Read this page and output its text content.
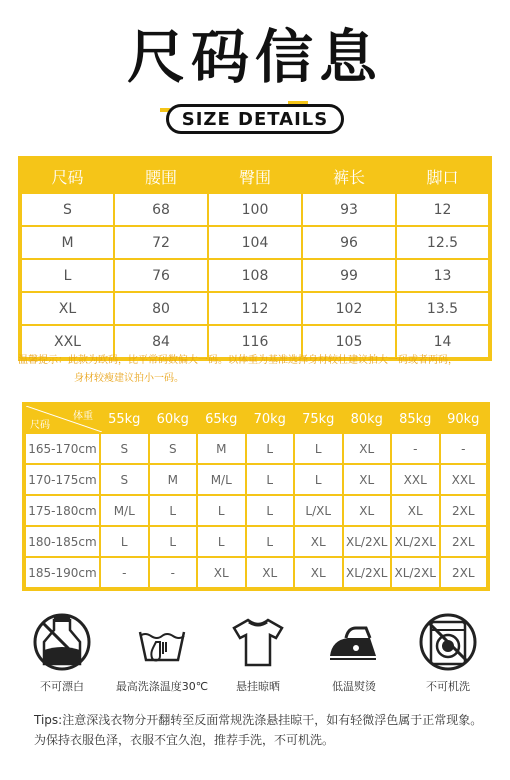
尺码信息
SIZE DETAILS
尺码	腰围	臀围	裤长	脚口
S	68	100	93	12
M	72	104	96	12.5
L	76	108	99	13
XL	80	112	102	13.5
XXL	84	116	105	14
温馨提示：此款为欧码，比平常码数偏大一码。以体重为基准选择身材较壮建议拍大一码或者两码，
身材较瘦建议拍小一码。
体重
尺码	55kg	60kg	65kg	70kg	75kg	80kg	85kg	90kg
165-170cm	S	S	M	L	L	XL	-	-
170-175cm	S	M	M/L	L	L	XL	XXL	XXL
175-180cm	M/L	L	L	L	L/XL	XL	XL	2XL
180-185cm	L	L	L	L	XL	XL/2XL	XL/2XL	2XL
185-190cm	-	-	XL	XL	XL	XL/2XL	XL/2XL	2XL
不可漂白	最高洗涤温度30℃	悬挂晾晒	低温熨烫	不可机洗
Tips:注意深浅衣物分开翻转至反面常规洗涤悬挂晾干，如有轻微浮色属于正常现象。为保持衣服色泽，衣服不宜久泡，推荐手洗，不可机洗。
